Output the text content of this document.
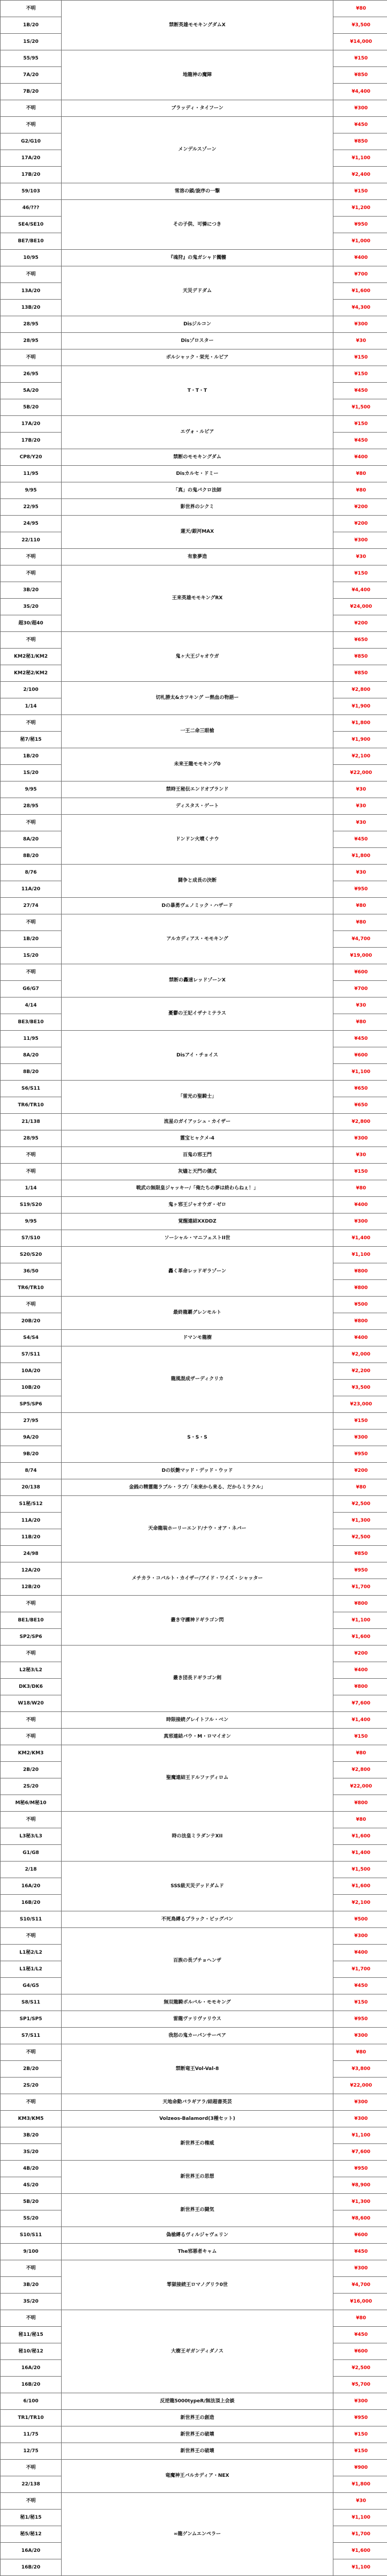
不明	禁断英雄モモキングダムX	¥80

1B/20		¥3,500

1S/20		¥14,000

55/95	地龍神の魔陣	¥150

7A/20		¥850

7B/20		¥4,400

不明	ブラッディ・タイフーン	¥300

不明	メンデルスゾーン	¥450

G2/G10		¥850

17A/20		¥1,100

17B/20		¥2,400

59/103	雪溶の鎖/旋序の一撃	¥150

46/???	その子供、可憐につき	¥1,200

SE4/SE10		¥950

BE7/BE10		¥1,000

10/95	『魂狩』の鬼ガシャド髑髏	¥400

不明	天災デドダム	¥700

13A/20		¥1,600

13B/20		¥4,300

28/95	Disジルコン	¥300

28/95	Disゾロスター	¥30

不明	ボルシャック・栄光・ルピア	¥150

26/95	T・T・T	¥150

5A/20		¥450

5B/20		¥1,500

17A/20	エヴォ・ルピア	¥150

17B/20		¥450

CP8/Y20	禁断のモモキングダム	¥400

11/95	Disカルセ・ドミー	¥80

9/95	「真」の鬼パクロ法師	¥80

22/95	影世界のシクミ	¥200

24/95	蓮天/銀河MAX	¥200

22/110		¥300

不明	有象夢造	¥30

不明	王来英雄モモキングRX	¥150

3B/20		¥4,400

3S/20		¥24,000

超30/超40		¥200

不明	鬼ヶ大王ジャオウガ	¥650

KM2秘1/KM2		¥850

KM2秘2/KM2		¥850

2/100	切札勝太&カツキング ー熱血の物語ー	¥2,800

1/14		¥1,900

不明	一王二命三眼槍	¥1,800

秘7/秘15		¥1,900

1B/20	未来王龍モモキング0	¥2,100

1S/20		¥22,000

9/95	禁時王秘伝エンドオブランド	¥30

28/95	ディスタス・ゲート	¥30

不明	ドンドン火噴くナウ	¥30

8A/20		¥450

8B/20		¥1,800

8/76	闘争と成長の決断	¥30

11A/20		¥950

27/74	Dの暴勇ヴェノミック・ハザード	¥80

不明	アルカディアス・モモキング	¥80

1B/20		¥4,700

1S/20		¥19,000

不明	禁断の轟速レッドゾーンX	¥600

G6/G7		¥700

4/14	憂鬱の王妃イザナミテラス	¥30

BE3/BE10		¥80

11/95	Disアイ・チョイス	¥450

8A/20		¥600

8B/20		¥1,100

S6/S11	「雷光の聖騎士」	¥650

TR6/TR10		¥650

21/138	流星のガイアッシュ・カイザー	¥2,800

28/95	霊宝ヒャクメ-4	¥300

不明	百鬼の邪王門	¥30

不明	灰燼と天門の儀式	¥150

1/14	戦武の無限皇ジャッキー/「俺たちの夢は終わらねぇ！」	¥80

S19/S20	鬼ヶ邪王ジャオウガ・ゼロ	¥400

9/95	覚醒連結XXDDZ	¥300

S7/S10	ソーシャル・マニフェストII世	¥1,400

S20/S20	轟く革命レッドギラゾーン	¥1,100

36/50		¥800

TR6/TR10		¥800

不明	最終龍覇グレンモルト	¥500

20B/20		¥800

S4/S4	ドマンモ龍樹	¥400

S7/S11	龍風混成ザーディクリカ	¥2,000

10A/20		¥2,200

10B/20		¥3,500

SP5/SP6		¥23,000

27/95	S・S・S	¥150

9A/20		¥300

9B/20		¥950

8/74	Dの妖艶マッド・デッド・ウッド	¥200

20/138	金銭の精霊龍ラブル・ラブ/「未来から来る、だからミラクル」	¥80

S1秘/S12	天命龍装ホーリーエンド/ナウ・オア・ネバー	¥2,500

11A/20		¥1,300

11B/20		¥2,500

24/98		¥850

12A/20	メチカラ・コバルト・カイザー/アイド・ワイズ・シャッター	¥950

12B/20		¥1,700

不明	叢き守護神ドギラゴン閃	¥800

BE1/BE10		¥1,100

SP2/SP6		¥1,600

不明	叢き団長ドギラゴン剣	¥200

L2秘3/L2		¥400

DK3/DK6		¥800

W18/W20		¥7,600

不明	時限接続グレイトフル・ベン	¥1,400

不明	真邪連結バウ・M・ロマイオン	¥150

KM2/KM3	聖魔連結王ドルファディロム	¥80

2B/20		¥2,800

2S/20		¥22,000

M秘6/M秘10		¥800

不明	時の法皇ミラダンテXII	¥80

L3秘3/L3		¥1,600

G1/G8		¥1,400

2/18	SSS級天災デッドダムド	¥1,500

16A/20		¥1,600

16B/20		¥2,100

S10/S11	不死鳥縛るブラック・ビッグバン	¥500

不明	百族の長プチョヘンザ	¥300

L1秘2/L2		¥400

L1秘1/L2		¥1,700

G4/G5		¥450

S8/S11	無双龍騎ボルバル・モモキング	¥150

SP1/SP5	雷龍ヴァリヴァリウス	¥950

S7/S11	我怒の鬼カーパンサーペア	¥300

不明	禁断竜王Vol-Val-8	¥80

2B/20		¥3,800

2S/20		¥22,000

不明	天地命動バラギアラ/結超書英芸	¥300

KM3/KM5	Volzeos-Balamord(3種セット)	¥300

3B/20	新世界王の権威	¥1,100

3S/20		¥7,600

4B/20	新世界王の思想	¥950

4S/20		¥8,900

5B/20	新世界王の闘気	¥1,300

5S/20		¥8,600

S10/S11	偽槍縛るヴィルジャヴェリン	¥600

9/100	The邪悪者キャム	¥450

不明	零獄接続王ロマノグリラ0世	¥300

3B/20		¥4,700

3S/20		¥16,000

不明	大樹王ギガンディダノス	¥80

秘11/秘15		¥450

秘10/秘12		¥600

16A/20		¥2,500

16B/20		¥5,700

6/100	反逆龍5000typeR/無法頂上会談	¥300

TR1/TR10	新世界王の創造	¥950

11/75	新世界王の破壊	¥150

12/75	新世界王の破壊	¥150

不明	竜魔神王バルカディア・NEX	¥900

22/138		¥1,800

不明	∞龍ゲンムエンペラー	¥30

秘1/秘15		¥1,100

秘5/秘12		¥1,700

16A/20		¥1,600

16B/20		¥1,100
